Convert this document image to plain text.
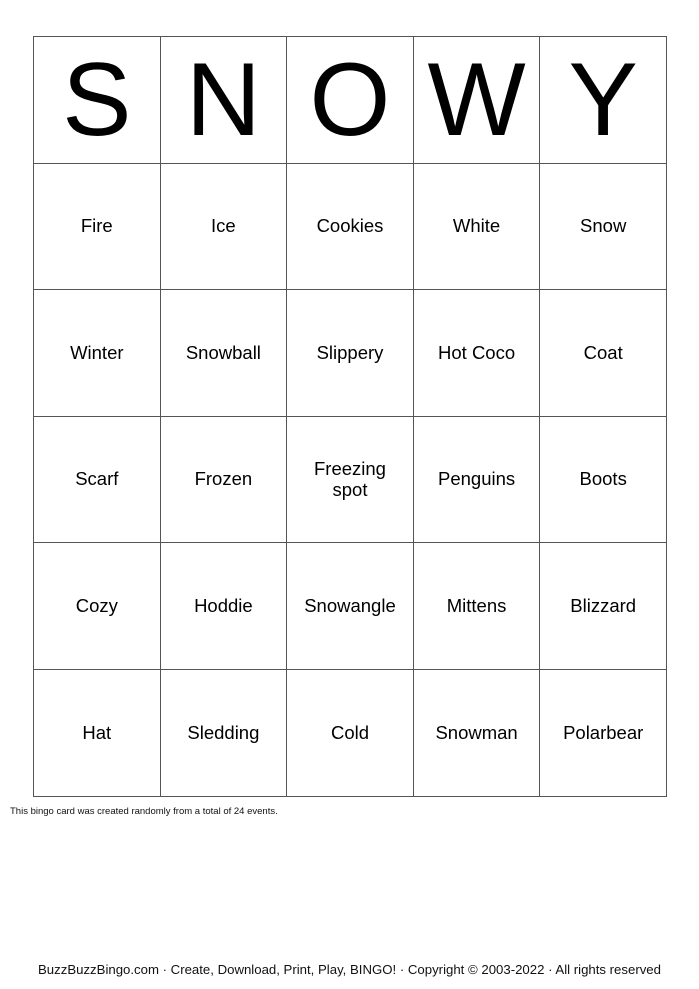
S	N	O	W	Y
Fire	Ice	Cookies	White	Snow
Winter	Snowball	Slippery	Hot Coco	Coat
Scarf	Frozen	Freezing spot	Penguins	Boots
Cozy	Hoddie	Snowangle	Mittens	Blizzard
Hat	Sledding	Cold	Snowman	Polarbear
This bingo card was created randomly from a total of 24 events.
BuzzBuzzBingo.com · Create, Download, Print, Play, BINGO! · Copyright © 2003-2022 · All rights reserved
